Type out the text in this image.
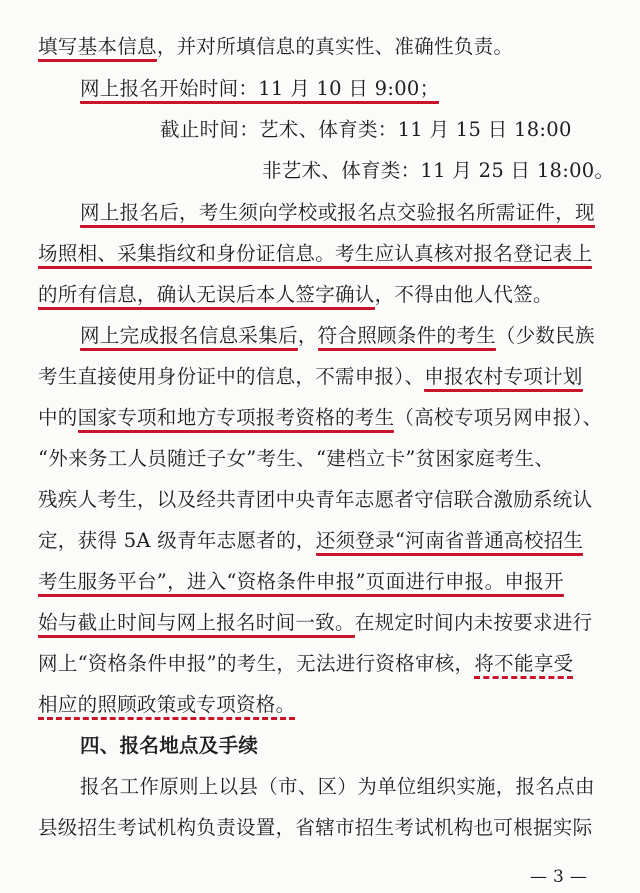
填写基本信息，并对所填信息的真实性、准确性负责。
网上报名开始时间：11 月 10 日 9:00；
截止时间：艺术、体育类：11 月 15 日 18:00
非艺术、体育类：11 月 25 日 18:00。
网上报名后，考生须向学校或报名点交验报名所需证件，现
场照相、采集指纹和身份证信息。考生应认真核对报名登记表上
的所有信息，确认无误后本人签字确认，不得由他人代签。
网上完成报名信息采集后，符合照顾条件的考生（少数民族
考生直接使用身份证中的信息，不需申报）、申报农村专项计划
中的国家专项和地方专项报考资格的考生（高校专项另网申报）、
“外来务工人员随迁子女”考生、“建档立卡”贫困家庭考生、
残疾人考生，以及经共青团中央青年志愿者守信联合激励系统认
定，获得 5A 级青年志愿者的，还须登录“河南省普通高校招生
考生服务平台”，进入“资格条件申报”页面进行申报。申报开
始与截止时间与网上报名时间一致。在规定时间内未按要求进行
网上“资格条件申报”的考生，无法进行资格审核，将不能享受
相应的照顾政策或专项资格。
四、报名地点及手续
报名工作原则上以县（市、区）为单位组织实施，报名点由
县级招生考试机构负责设置，省辖市招生考试机构也可根据实际
— 3 —
